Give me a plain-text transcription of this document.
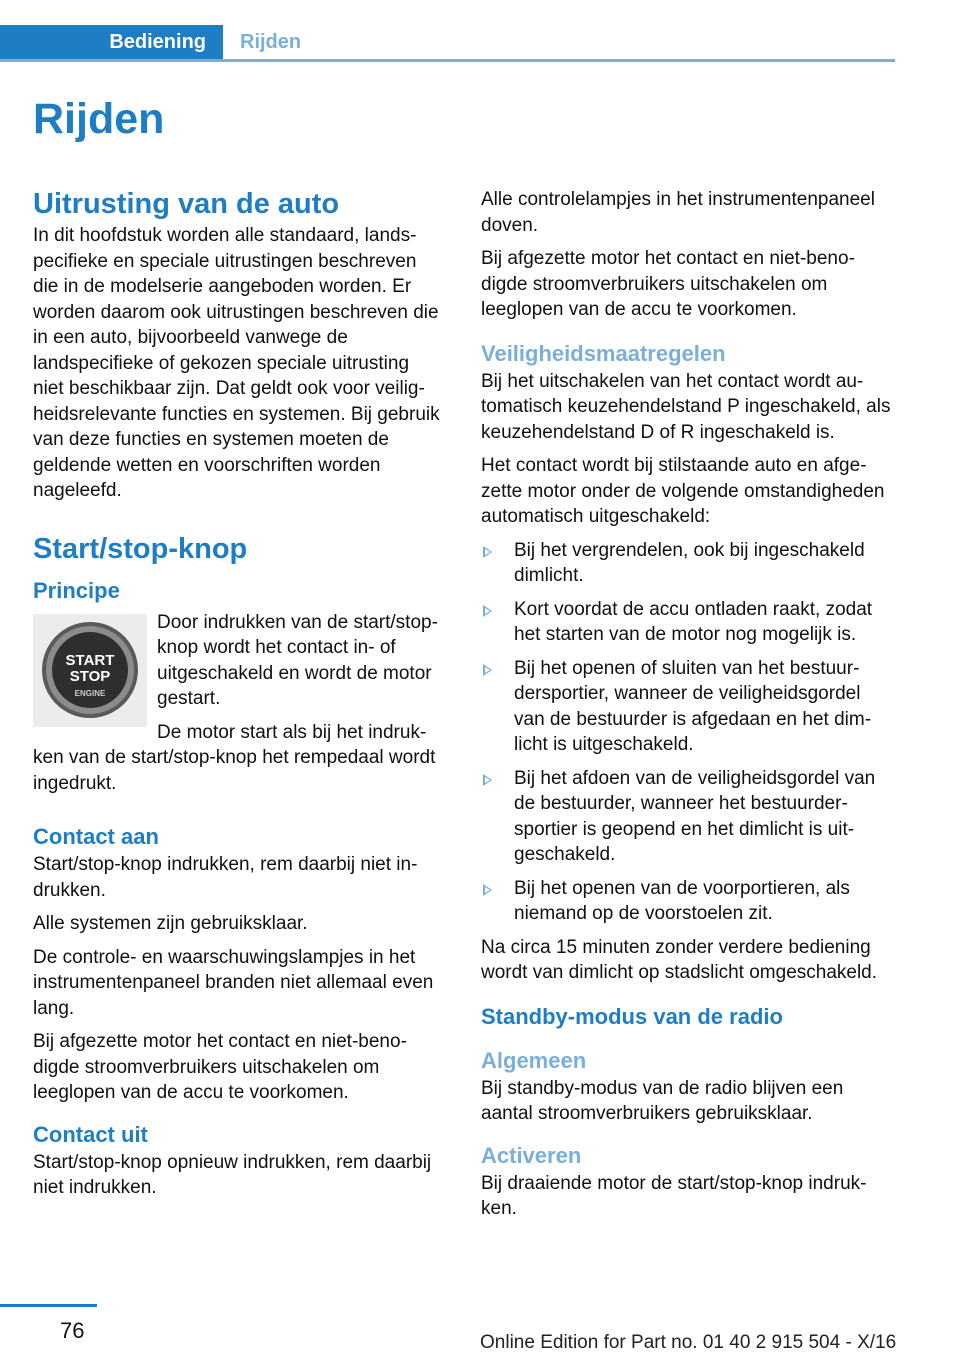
Bediening	Rijden
Rijden
Uitrusting van de auto

In dit hoofdstuk worden alle standaard, landspecifieke en speciale uitrustingen beschreven die in de modelserie aangeboden worden. Er worden daarom ook uitrustingen beschreven die in een auto, bijvoorbeeld vanwege de landspecifieke of gekozen speciale uitrusting niet beschikbaar zijn. Dat geldt ook voor veiligheidsrelevante functies en systemen. Bij gebruik van deze functies en systemen moeten de geldende wetten en voorschriften worden nageleefd.

Start/stop-knop
Principe
START
STOP
ENGINE

Door indrukken van de start/stop-knop wordt het contact in- of uitgeschakeld en wordt de motor gestart.

De motor start als bij het indrukken van de start/stop-knop het rempedaal wordt ingedrukt.

Contact aan

Start/stop-knop indrukken, rem daarbij niet indrukken.

Alle systemen zijn gebruiksklaar.

De controle- en waarschuwingslampjes in het instrumentenpaneel branden niet allemaal even lang.

Bij afgezette motor het contact en niet-benodigde stroomverbruikers uitschakelen om leeglopen van de accu te voorkomen.

Contact uit

Start/stop-knop opnieuw indrukken, rem daarbij niet indrukken.

Alle controlelampjes in het instrumentenpaneel doven.

Bij afgezette motor het contact en niet-benodigde stroomverbruikers uitschakelen om leeglopen van de accu te voorkomen.

Veiligheidsmaatregelen

Bij het uitschakelen van het contact wordt automatisch keuzehendelstand P ingeschakeld, als keuzehendelstand D of R ingeschakeld is.

Het contact wordt bij stilstaande auto en afgezette motor onder de volgende omstandigheden automatisch uitgeschakeld:

Bij het vergrendelen, ook bij ingeschakeld dimlicht.
Kort voordat de accu ontladen raakt, zodat het starten van de motor nog mogelijk is.
Bij het openen of sluiten van het bestuurdersportier, wanneer de veiligheidsgordel van de bestuurder is afgedaan en het dimlicht is uitgeschakeld.
Bij het afdoen van de veiligheidsgordel van de bestuurder, wanneer het bestuurdersportier is geopend en het dimlicht is uitgeschakeld.
Bij het openen van de voorportieren, als niemand op de voorstoelen zit.

Na circa 15 minuten zonder verdere bediening wordt van dimlicht op stadslicht omgeschakeld.

Standby-modus van de radio
Algemeen

Bij standby-modus van de radio blijven een aantal stroomverbruikers gebruiksklaar.

Activeren

Bij draaiende motor de start/stop-knop indrukken.

76	Online Edition for Part no. 01 40 2 915 504 - X/16
